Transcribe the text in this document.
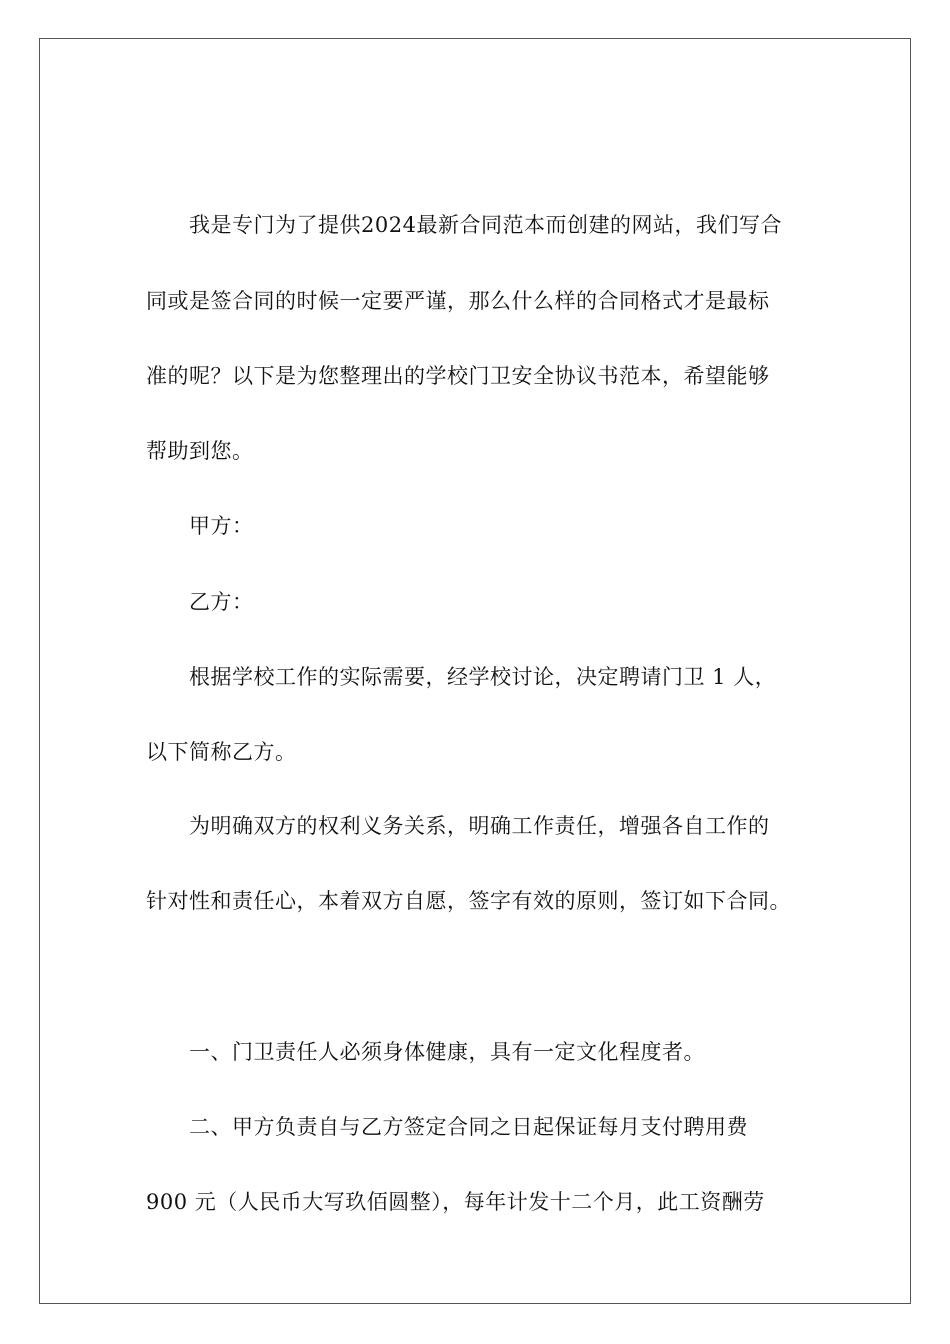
我是专门为了提供2024最新合同范本而创建的网站，我们写合
同或是签合同的时候一定要严谨，那么什么样的合同格式才是最标
准的呢？以下是为您整理出的学校门卫安全协议书范本，希望能够
帮助到您。
甲方：
乙方：
根据学校工作的实际需要，经学校讨论，决定聘请门卫 1 人，
以下简称乙方。
为明确双方的权利义务关系，明确工作责任，增强各自工作的
针对性和责任心，本着双方自愿，签字有效的原则，签订如下合同。
一、门卫责任人必须身体健康，具有一定文化程度者。
二、甲方负责自与乙方签定合同之日起保证每月支付聘用费
900 元（人民币大写玖佰圆整），每年计发十二个月，此工资酬劳
